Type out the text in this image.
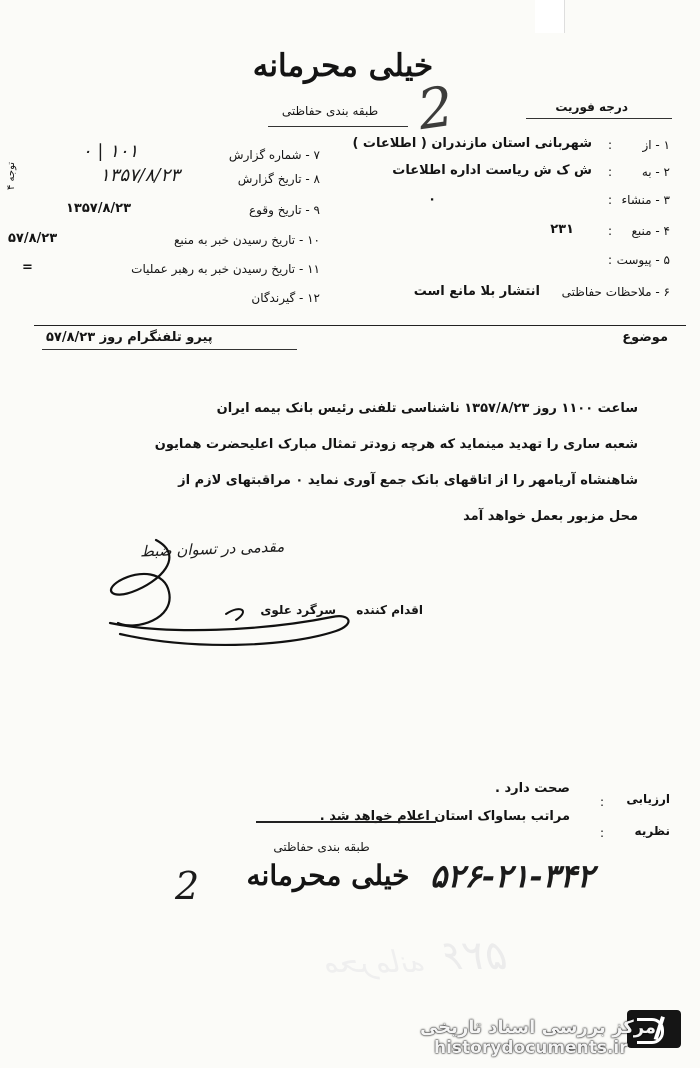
خیلی محرمانه
2
طبقه بندی حفاظتی	درجه فوریت
۱ - از
:
شهربانی استان مازندران ( اطلاعات )
۲ - به
:
ش ک ش ریاست اداره اطلاعات
۳ - منشاء
:
٠
۴ - منبع
:
۲۳۱
۵ - پیوست
:
۶ - ملاحظات حفاظتی
انتشار بلا مانع است
۷ - شماره گزارش
۱۰۱ | ۰
۸ - تاریخ گزارش
۱۳۵۷/۸/۲۳
۹ - تاریخ وقوع
۱۳۵۷/۸/۲۳
۱۰ - تاریخ رسیدن خبر به منبع
۵۷/۸/۲۳
۱۱ - تاریخ رسیدن خبر به رهبر عملیات
=
۱۲ - گیرندگان
توجه ۴
موضوع
پیرو تلفنگرام روز ۵۷/۸/۲۳
ساعت ۱۱۰۰ روز ۱۳۵۷/۸/۲۳ ناشناسی تلفنی رئیس بانک بیمه ایران
شعبه ساری را تهدید مینماید که هرچه زودتر تمثال مبارک اعلیحضرت همایون
شاهنشاه آریامهر را از اتاقهای بانک جمع آوری نماید ۰ مراقبتهای لازم از
محل مزبور بعمل خواهد آمد
مقدمی در تسوان ضبط
اقدام کننده
سرگرد علوی
ارزیابی
:
صحت دارد .
نظریه
:
مراتب بساواک استان اعلام خواهد شد .
طبقه بندی حفاظتی
2	خیلی محرمانه ۵۲۶-۲۱-۳۴۲
۵۲۶
محرمانه
مرکز بررسی اسناد تاریخی
historydocuments.ir
